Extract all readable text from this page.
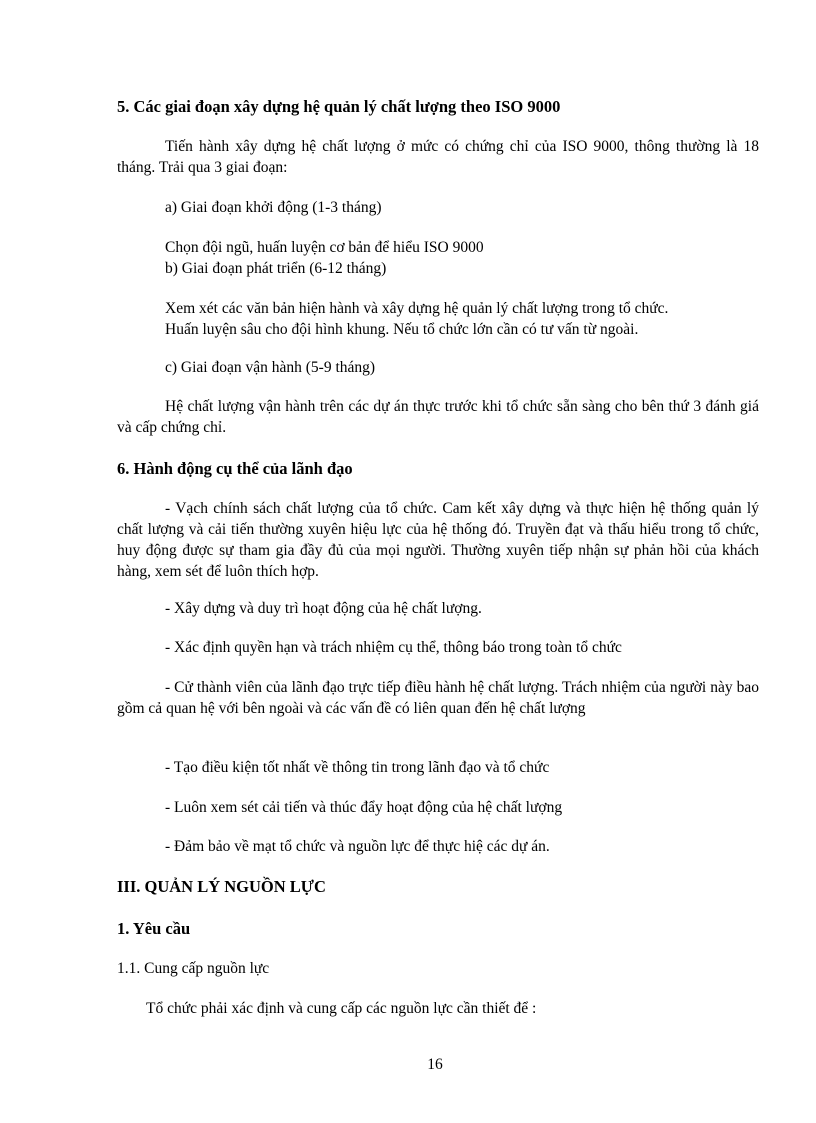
5. Các giai đoạn xây dựng hệ quản lý chất lượng theo ISO 9000

Tiến hành xây dựng hệ chất lượng ở mức có chứng chỉ của ISO 9000, thông thường là 18 tháng. Trải qua 3 giai đoạn:

a) Giai đoạn khởi động (1-3 tháng)

Chọn đội ngũ, huấn luyện cơ bản để hiểu ISO 9000

b) Giai đoạn phát triển (6-12 tháng)

Xem xét các văn bản hiện hành và xây dựng hệ quản lý chất lượng trong tổ chức.

Huấn luyện sâu cho đội hình khung. Nếu tổ chức lớn cần có tư vấn từ ngoài.

c) Giai đoạn vận hành (5-9 tháng)

Hệ chất lượng vận hành trên các dự án thực trước khi tổ chức sẵn sàng cho bên thứ 3 đánh giá và cấp chứng chỉ.

6. Hành động cụ thể của lãnh đạo

- Vạch chính sách chất lượng của tổ chức. Cam kết xây dựng và thực hiện hệ thống quản lý chất lượng và cải tiến thường xuyên hiệu lực của hệ thống đó. Truyền đạt và thấu hiểu trong tổ chức, huy động được sự tham gia đầy đủ của mọi người. Thường xuyên tiếp nhận sự phản hồi của khách hàng, xem sét để luôn thích hợp.

- Xây dựng và duy trì hoạt động của hệ chất lượng.

- Xác định quyền hạn và trách nhiệm cụ thể, thông báo trong toàn tổ chức

- Cử thành viên của lãnh đạo trực tiếp điều hành hệ chất lượng. Trách nhiệm của người này bao gồm cả quan hệ với bên ngoài và các vấn đề có liên quan đến hệ chất lượng

- Tạo điều kiện tốt nhất về thông tin trong lãnh đạo và tổ chức

- Luôn xem sét cải tiến và thúc đẩy hoạt động của hệ chất lượng

- Đảm bảo về mạt tổ chức và nguồn lực để thực hiệ các dự án.

III. QUẢN LÝ NGUỒN LỰC

1. Yêu cầu

1.1. Cung cấp nguồn lực

Tổ chức phải xác định và cung cấp các nguồn lực cần thiết để :

16
